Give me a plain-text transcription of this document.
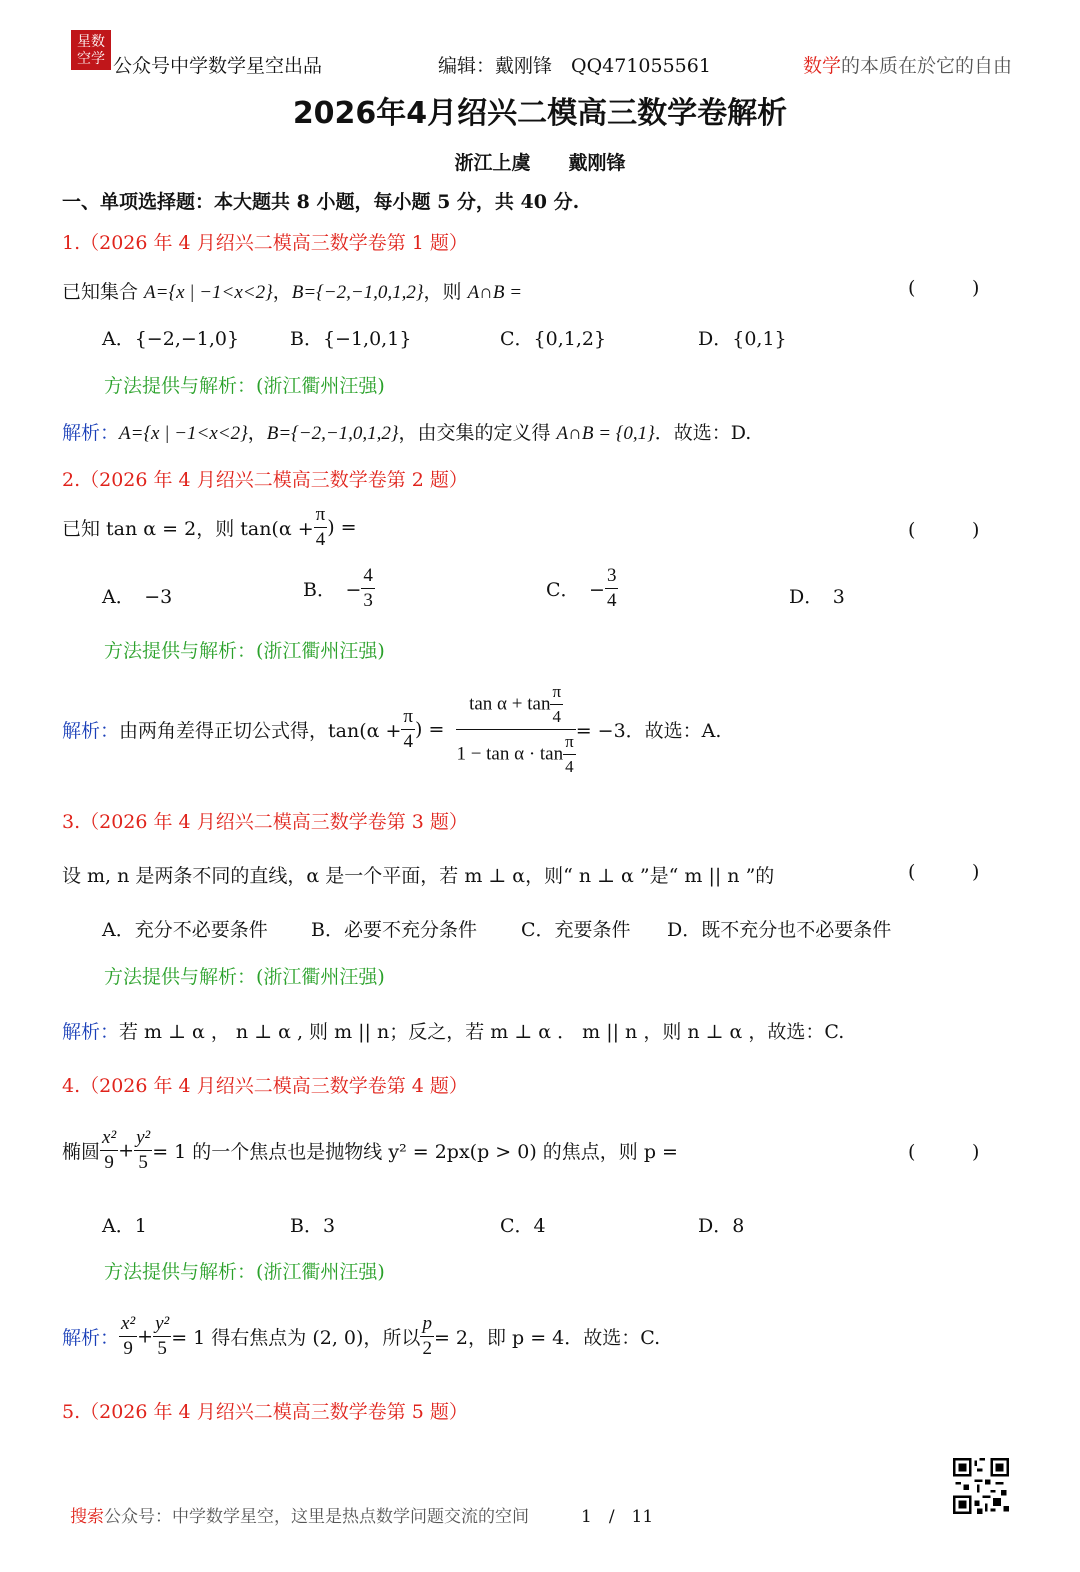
星数
空学 公众号中学数学星空出品	编辑：戴刚锋　QQ471055561	数学的本质在於它的自由
2026年4月绍兴二模高三数学卷解析
浙江上虞　　戴刚锋
一、单项选择题：本大题共 8 小题，每小题 5 分，共 40 分.
1.（2026 年 4 月绍兴二模高三数学卷第 1 题）
已知集合 A={x | −1<x<2}，B={−2,−1,0,1,2}，则 A∩B =	(	)
A．{−2,−1,0}	B．{−1,0,1}	C．{0,1,2}	D．{0,1}
方法提供与解析：(浙江衢州汪强)
解析：A={x | −1<x<2}，B={−2,−1,0,1,2}，由交集的定义得 A∩B = {0,1}．故选：D.
2.（2026 年 4 月绍兴二模高三数学卷第 2 题）
已知 tan α = 2，则 $\tan(\alpha + \frac{\pi}{4}$ ) =	(	)
A．　−3	B．　− $\frac{4}{3}$	C．　− $\frac{3}{4}$	D．　3
方法提供与解析：(浙江衢州汪强)
解析：由两角差得正切公式得，$\tan(\alpha + \frac{\pi}{4}$ ) = $\frac{\tan \alpha + \tan \frac{\pi}{4}}{1 - \tan \alpha \cdot \tan \frac{\pi}{4}} = -3$．故选：A.
3.（2026 年 4 月绍兴二模高三数学卷第 3 题）
设 m, n 是两条不同的直线，α 是一个平面，若 m ⊥ α，则“ n ⊥ α ”是“ m || n ”的	(	)
A．充分不必要条件 B．必要不充分条件 C．充要条件 D．既不充分也不必要条件
方法提供与解析：(浙江衢州汪强)
解析：若 m ⊥ α ， n ⊥ α , 则 m || n；反之，若 m ⊥ α ． m || n ，则 n ⊥ α ，故选：C.
4.（2026 年 4 月绍兴二模高三数学卷第 4 题）
椭圆 $\frac{\text{x²}}{9} + \frac{\text{y²}}{5} = 1$ 的一个焦点也是抛物线 y² = 2px(p > 0) 的焦点，则 p =	(	)
A．1	B．3	C．4	D．8
方法提供与解析：(浙江衢州汪强)
解析： $\frac{\text{x²}}{9} + \frac{\text{y²}}{5} = 1$ 得右焦点为 (2, 0)，所以 $\frac{p}{2} = 2$，即 p = 4．故选：C.
5.（2026 年 4 月绍兴二模高三数学卷第 5 题）
搜索公众号：中学数学星空，这里是热点数学问题交流的空间	1　/　11
